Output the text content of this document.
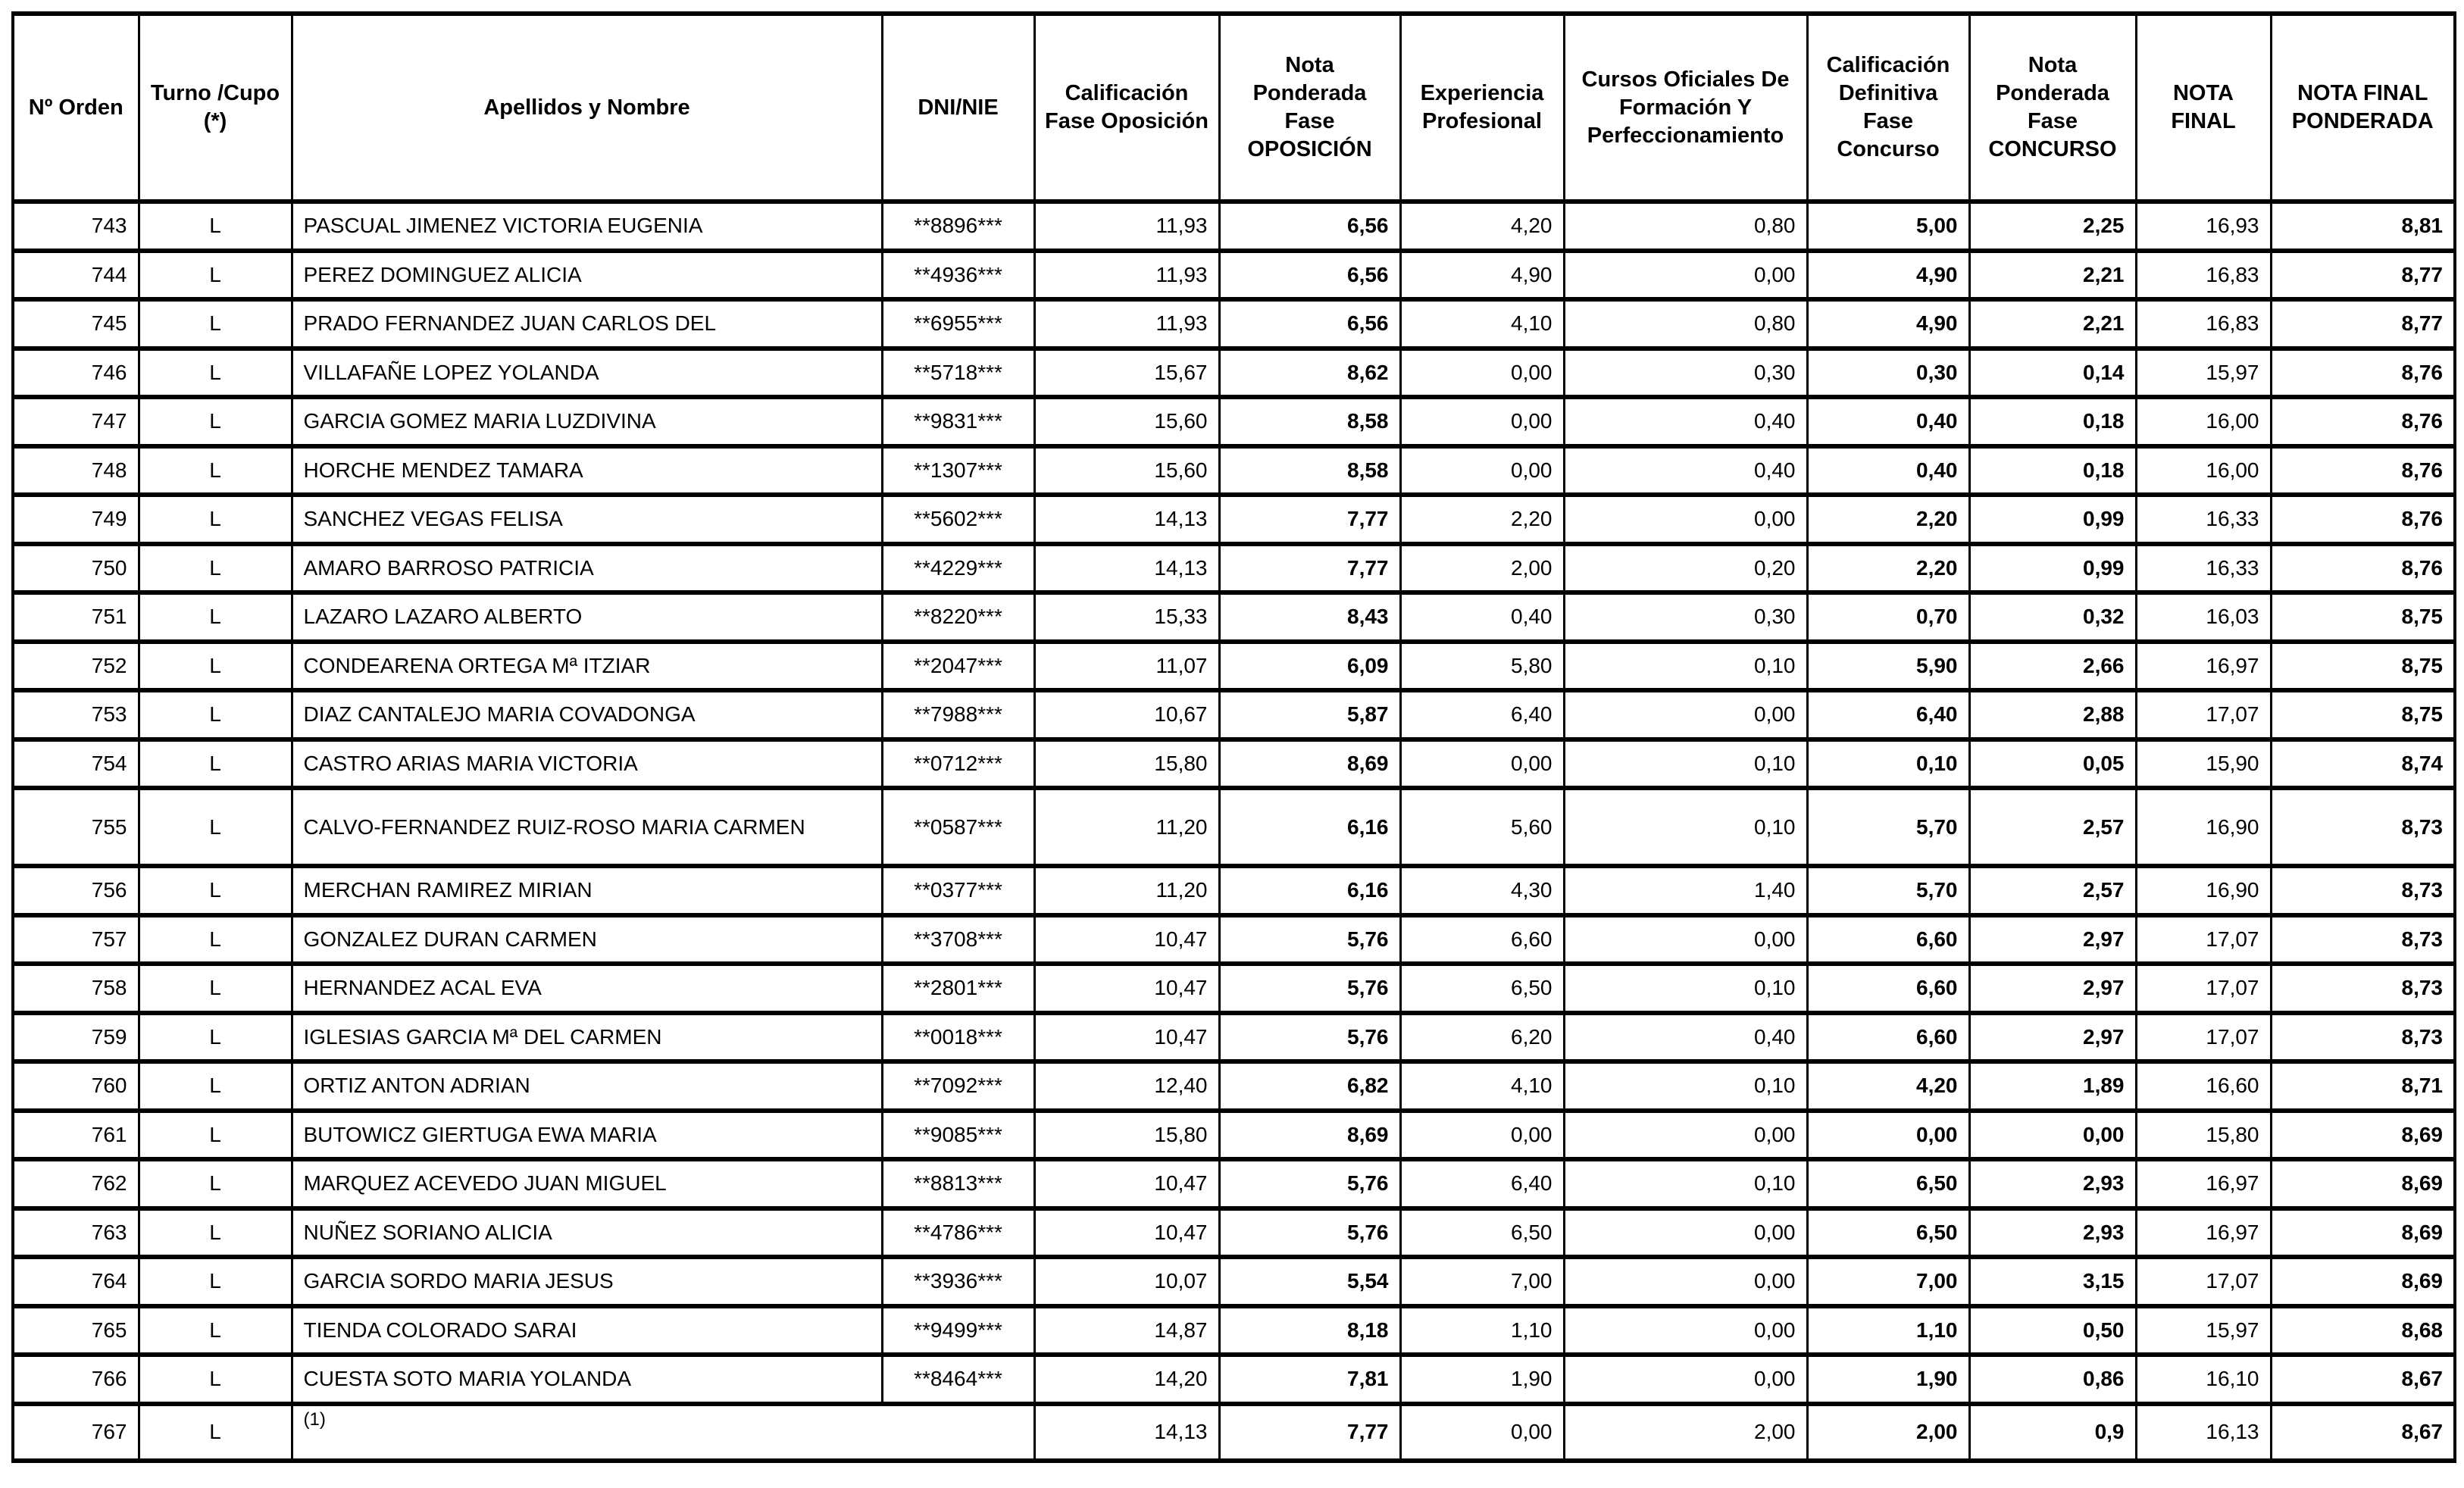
Nº Orden	Turno /Cupo (*)	Apellidos y Nombre	DNI/NIE	Calificación Fase Oposición	Nota Ponderada Fase OPOSICIÓN	Experiencia Profesional	Cursos Oficiales De Formación Y Perfeccionamiento	Calificación Definitiva Fase Concurso	Nota Ponderada Fase CONCURSO	NOTA FINAL	NOTA FINAL PONDERADA
743	L	PASCUAL JIMENEZ VICTORIA EUGENIA	**8896***	11,93	6,56	4,20	0,80	5,00	2,25	16,93	8,81
744	L	PEREZ DOMINGUEZ ALICIA	**4936***	11,93	6,56	4,90	0,00	4,90	2,21	16,83	8,77
745	L	PRADO FERNANDEZ JUAN CARLOS DEL	**6955***	11,93	6,56	4,10	0,80	4,90	2,21	16,83	8,77
746	L	VILLAFAÑE LOPEZ YOLANDA	**5718***	15,67	8,62	0,00	0,30	0,30	0,14	15,97	8,76
747	L	GARCIA GOMEZ MARIA LUZDIVINA	**9831***	15,60	8,58	0,00	0,40	0,40	0,18	16,00	8,76
748	L	HORCHE MENDEZ TAMARA	**1307***	15,60	8,58	0,00	0,40	0,40	0,18	16,00	8,76
749	L	SANCHEZ VEGAS FELISA	**5602***	14,13	7,77	2,20	0,00	2,20	0,99	16,33	8,76
750	L	AMARO BARROSO PATRICIA	**4229***	14,13	7,77	2,00	0,20	2,20	0,99	16,33	8,76
751	L	LAZARO LAZARO ALBERTO	**8220***	15,33	8,43	0,40	0,30	0,70	0,32	16,03	8,75
752	L	CONDEARENA ORTEGA Mª ITZIAR	**2047***	11,07	6,09	5,80	0,10	5,90	2,66	16,97	8,75
753	L	DIAZ CANTALEJO MARIA COVADONGA	**7988***	10,67	5,87	6,40	0,00	6,40	2,88	17,07	8,75
754	L	CASTRO ARIAS MARIA VICTORIA	**0712***	15,80	8,69	0,00	0,10	0,10	0,05	15,90	8,74
755	L	CALVO-FERNANDEZ RUIZ-ROSO MARIA CARMEN	**0587***	11,20	6,16	5,60	0,10	5,70	2,57	16,90	8,73
756	L	MERCHAN RAMIREZ MIRIAN	**0377***	11,20	6,16	4,30	1,40	5,70	2,57	16,90	8,73
757	L	GONZALEZ DURAN CARMEN	**3708***	10,47	5,76	6,60	0,00	6,60	2,97	17,07	8,73
758	L	HERNANDEZ ACAL EVA	**2801***	10,47	5,76	6,50	0,10	6,60	2,97	17,07	8,73
759	L	IGLESIAS GARCIA Mª DEL CARMEN	**0018***	10,47	5,76	6,20	0,40	6,60	2,97	17,07	8,73
760	L	ORTIZ ANTON ADRIAN	**7092***	12,40	6,82	4,10	0,10	4,20	1,89	16,60	8,71
761	L	BUTOWICZ GIERTUGA EWA MARIA	**9085***	15,80	8,69	0,00	0,00	0,00	0,00	15,80	8,69
762	L	MARQUEZ ACEVEDO JUAN MIGUEL	**8813***	10,47	5,76	6,40	0,10	6,50	2,93	16,97	8,69
763	L	NUÑEZ SORIANO ALICIA	**4786***	10,47	5,76	6,50	0,00	6,50	2,93	16,97	8,69
764	L	GARCIA SORDO MARIA JESUS	**3936***	10,07	5,54	7,00	0,00	7,00	3,15	17,07	8,69
765	L	TIENDA COLORADO SARAI	**9499***	14,87	8,18	1,10	0,00	1,10	0,50	15,97	8,68
766	L	CUESTA SOTO MARIA YOLANDA	**8464***	14,20	7,81	1,90	0,00	1,90	0,86	16,10	8,67
767	L	(1)		14,13	7,77	0,00	2,00	2,00	0,9	16,13	8,67
